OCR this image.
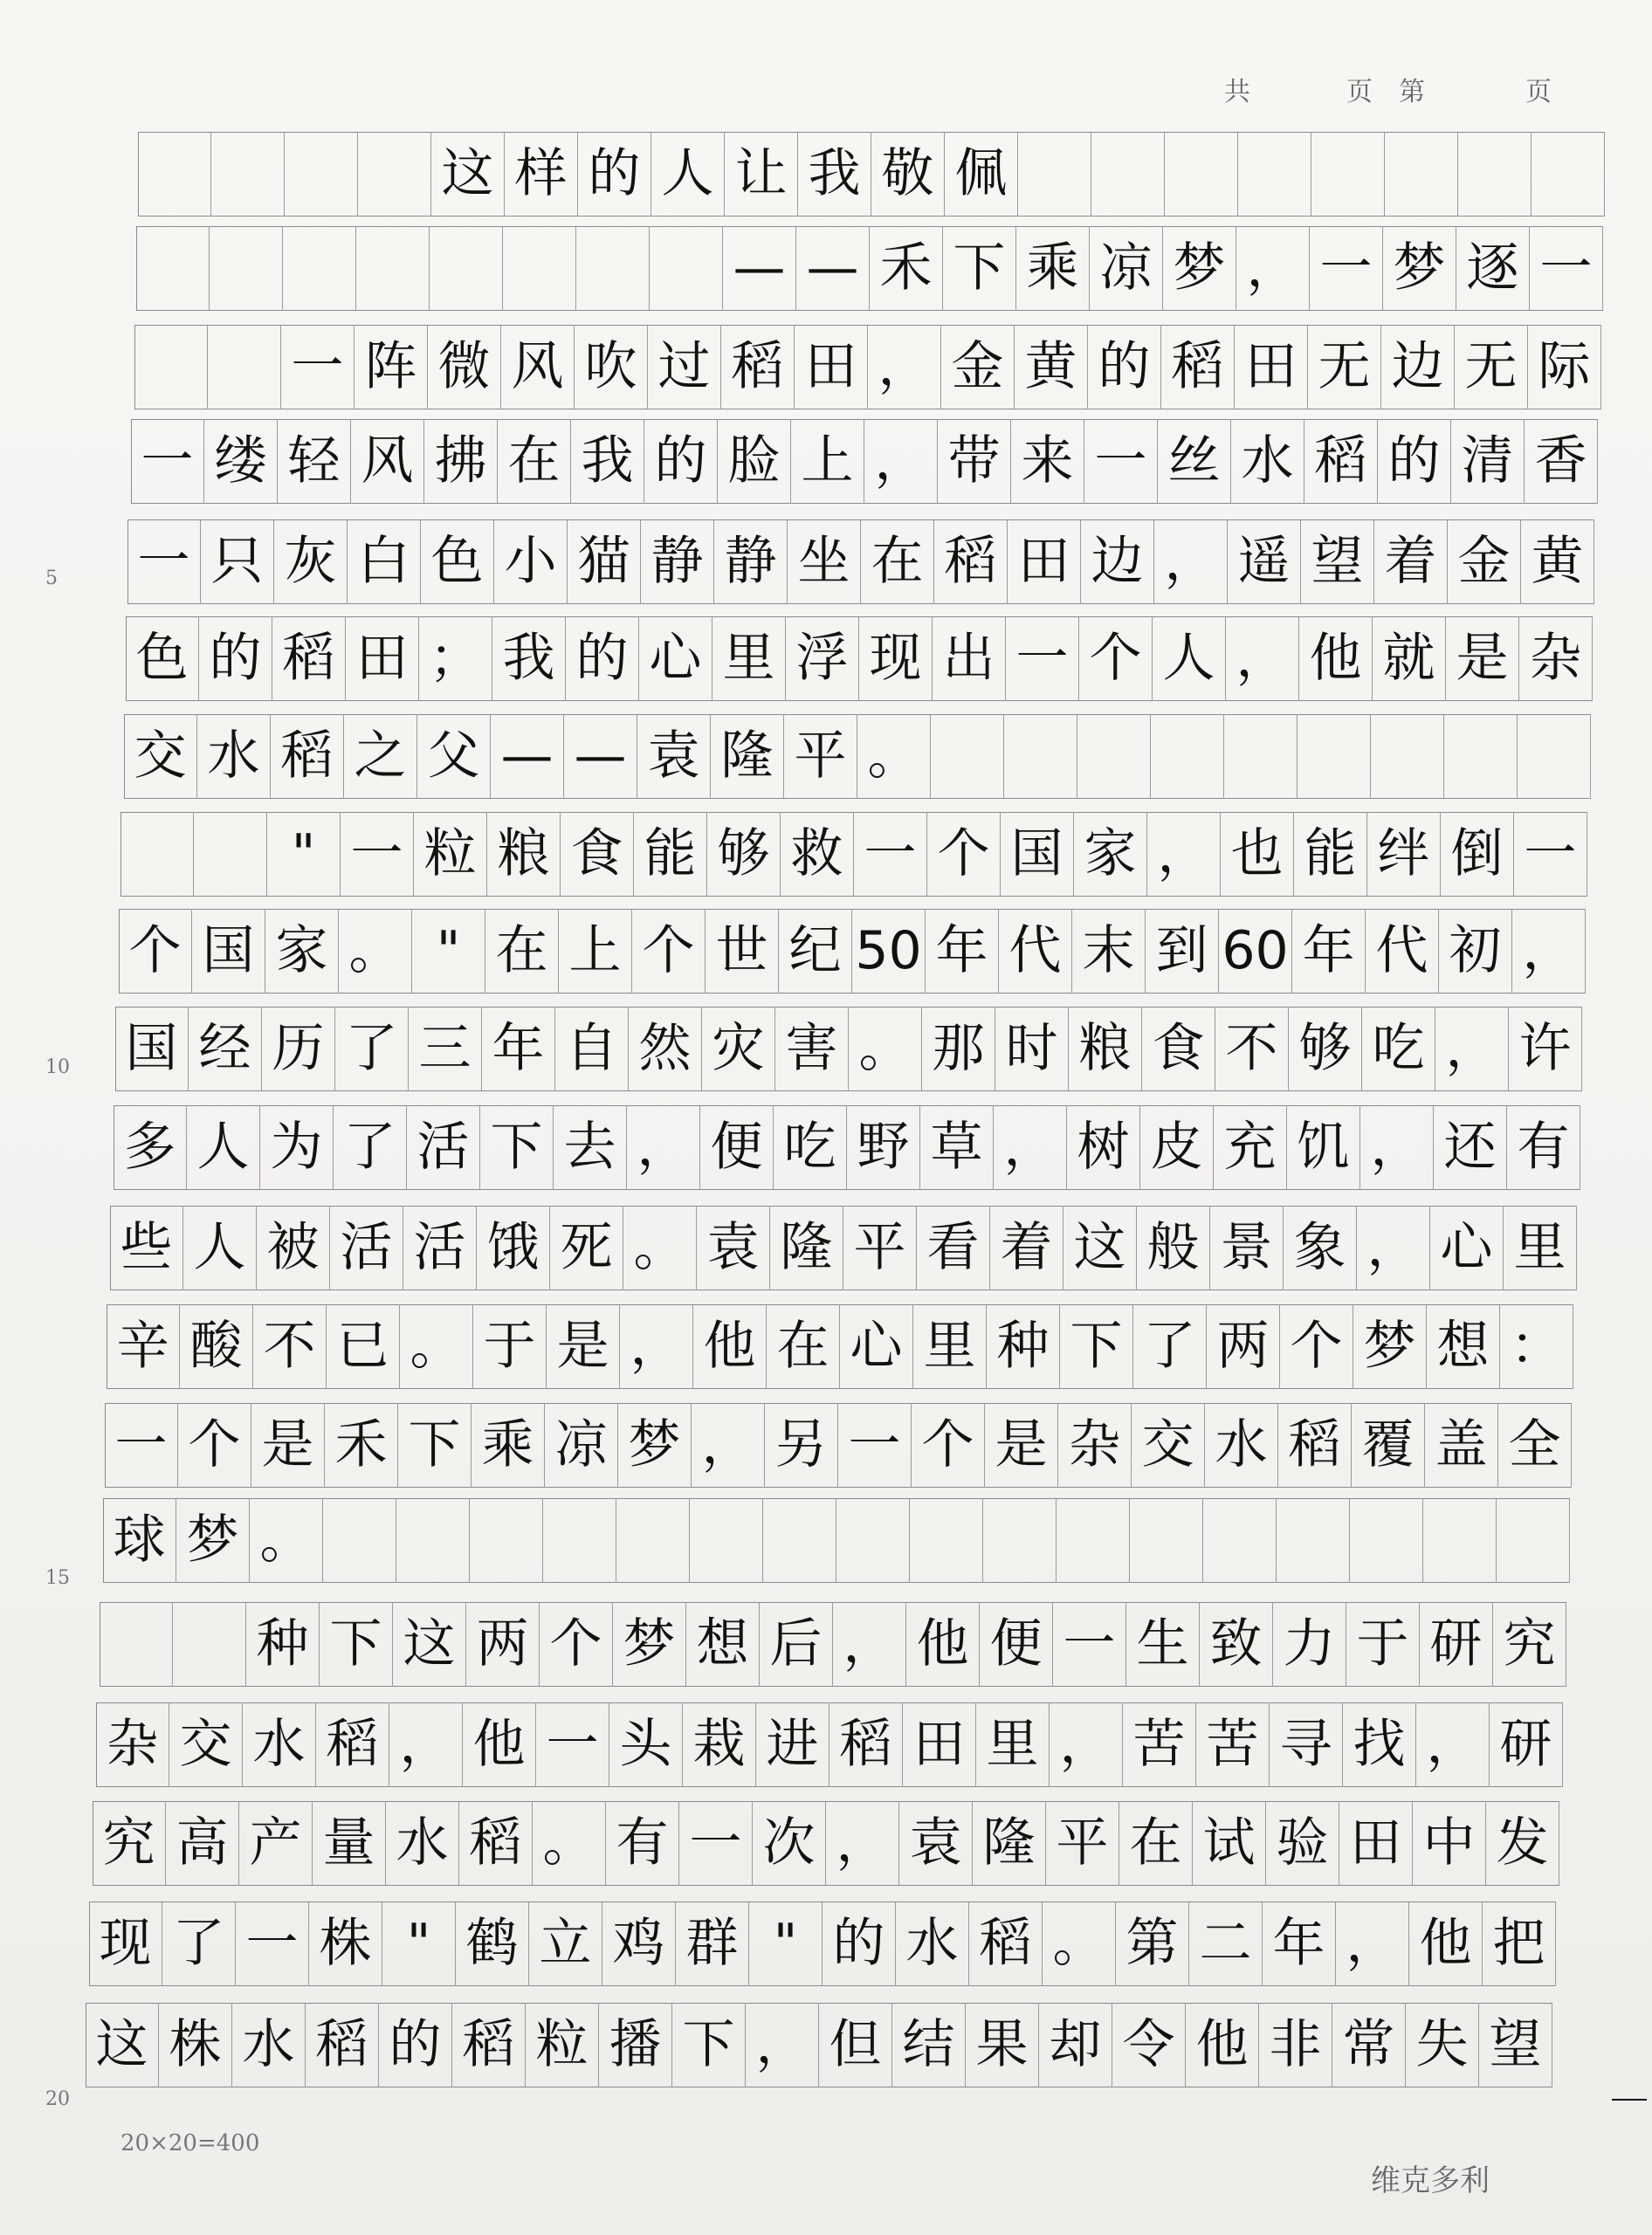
共	页 第	页
这 样 的 人 让 我 敬 佩
— — 禾 下 乘 凉 梦 ， 一 梦 逐 一
一 阵 微 风 吹 过 稻 田 ， 金 黄 的 稻 田 无 边 无 际
一 缕 轻 风 拂 在 我 的 脸 上 ， 带 来 一 丝 水 稻 的 清 香
一 只 灰 白 色 小 猫 静 静 坐 在 稻 田 边 ， 遥 望 着 金 黄
色 的 稻 田 ； 我 的 心 里 浮 现 出 一 个 人 ， 他 就 是 杂
交 水 稻 之 父 — — 袁 隆 平 。
" 一 粒 粮 食 能 够 救 一 个 国 家 ， 也 能 绊 倒 一
个 国 家 。 " 在 上 个 世 纪 50 年 代 末 到 60 年 代 初 ，
国 经 历 了 三 年 自 然 灾 害 。 那 时 粮 食 不 够 吃 ， 许
多 人 为 了 活 下 去 ， 便 吃 野 草 ， 树 皮 充 饥 ， 还 有
些 人 被 活 活 饿 死 。 袁 隆 平 看 着 这 般 景 象 ， 心 里
辛 酸 不 已 。 于 是 ， 他 在 心 里 种 下 了 两 个 梦 想 ：
一 个 是 禾 下 乘 凉 梦 ， 另 一 个 是 杂 交 水 稻 覆 盖 全
球 梦 。
种 下 这 两 个 梦 想 后 ， 他 便 一 生 致 力 于 研 究
杂 交 水 稻 ， 他 一 头 栽 进 稻 田 里 ， 苦 苦 寻 找 ， 研
究 高 产 量 水 稻 。 有 一 次 ， 袁 隆 平 在 试 验 田 中 发
现 了 一 株 " 鹤 立 鸡 群 " 的 水 稻 。 第 二 年 ， 他 把
这 株 水 稻 的 稻 粒 播 下 ， 但 结 果 却 令 他 非 常 失 望
5
10
15
20
20×20=400
维克多利
